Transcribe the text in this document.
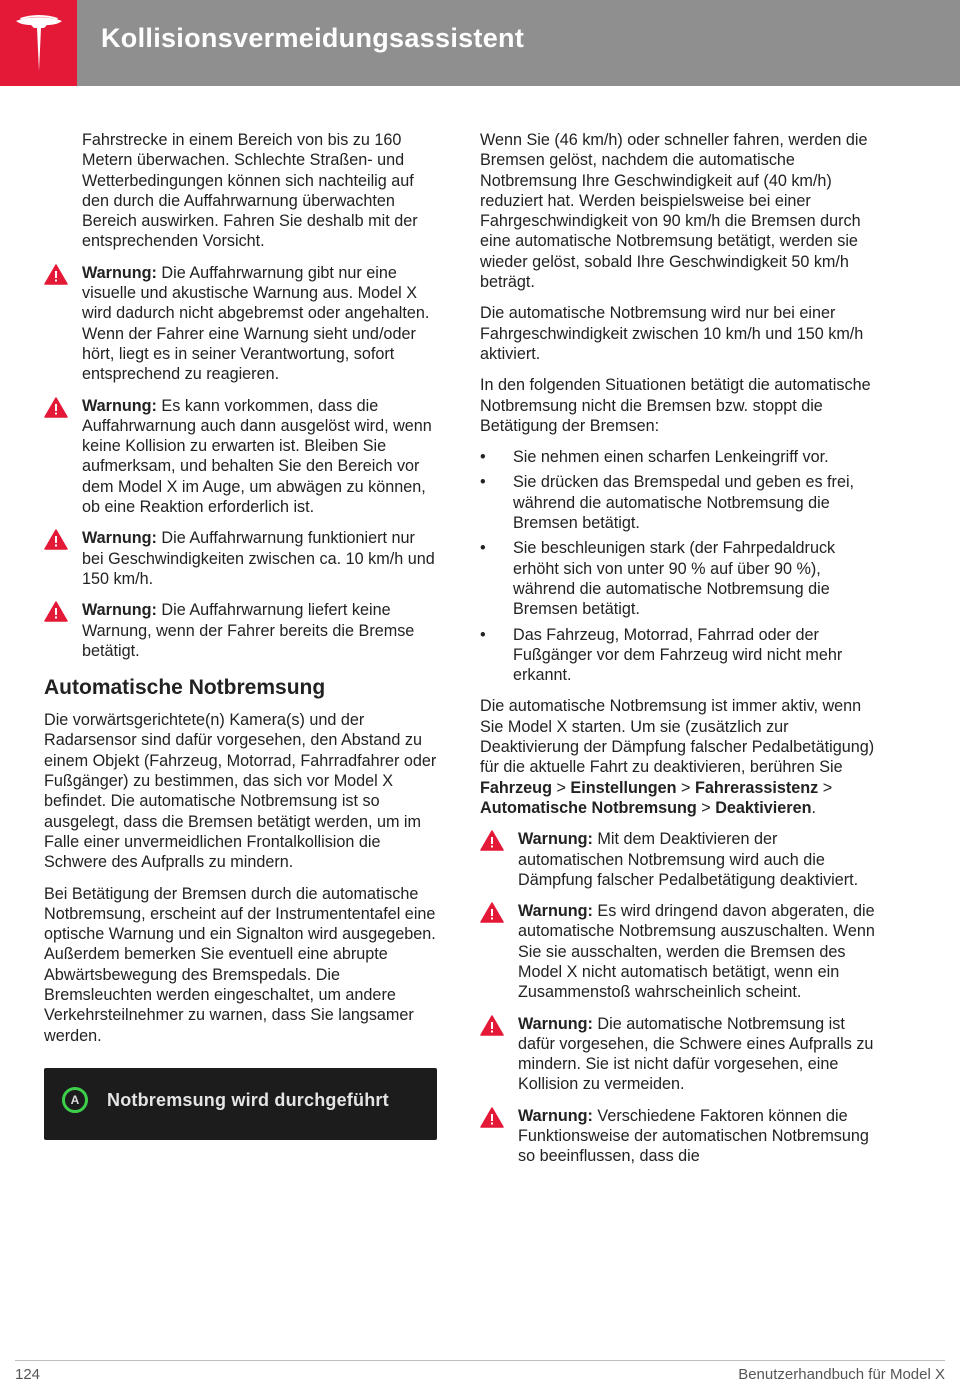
Kollisionsvermeidungsassistent
Fahrstrecke in einem Bereich von bis zu 160 Metern überwachen. Schlechte Straßen- und Wetterbedingungen können sich nachteilig auf den durch die Auffahrwarnung überwachten Bereich auswirken. Fahren Sie deshalb mit der entsprechenden Vorsicht.
Warnung: Die Auffahrwarnung gibt nur eine visuelle und akustische Warnung aus. Model X wird dadurch nicht abgebremst oder angehalten. Wenn der Fahrer eine Warnung sieht und/oder hört, liegt es in seiner Verantwortung, sofort entsprechend zu reagieren.
Warnung: Es kann vorkommen, dass die Auffahrwarnung auch dann ausgelöst wird, wenn keine Kollision zu erwarten ist. Bleiben Sie aufmerksam, und behalten Sie den Bereich vor dem Model X im Auge, um abwägen zu können, ob eine Reaktion erforderlich ist.
Warnung: Die Auffahrwarnung funktioniert nur bei Geschwindigkeiten zwischen ca. 10 km/h und 150 km/h.
Warnung: Die Auffahrwarnung liefert keine Warnung, wenn der Fahrer bereits die Bremse betätigt.
Automatische Notbremsung
Die vorwärtsgerichtete(n) Kamera(s) und der Radarsensor sind dafür vorgesehen, den Abstand zu einem Objekt (Fahrzeug, Motorrad, Fahrradfahrer oder Fußgänger) zu bestimmen, das sich vor Model X befindet. Die automatische Notbremsung ist so ausgelegt, dass die Bremsen betätigt werden, um im Falle einer unvermeidlichen Frontalkollision die Schwere des Aufpralls zu mindern.
Bei Betätigung der Bremsen durch die automatische Notbremsung, erscheint auf der Instrumententafel eine optische Warnung und ein Signalton wird ausgegeben. Außerdem bemerken Sie eventuell eine abrupte Abwärtsbewegung des Bremspedals. Die Bremsleuchten werden eingeschaltet, um andere Verkehrsteilnehmer zu warnen, dass Sie langsamer werden.
A	Notbremsung wird durchgeführt
Wenn Sie (46 km/h) oder schneller fahren, werden die Bremsen gelöst, nachdem die automatische Notbremsung Ihre Geschwindigkeit auf (40 km/h) reduziert hat. Werden beispielsweise bei einer Fahrgeschwindigkeit von 90 km/h die Bremsen durch eine automatische Notbremsung betätigt, werden sie wieder gelöst, sobald Ihre Geschwindigkeit 50 km/h beträgt.
Die automatische Notbremsung wird nur bei einer Fahrgeschwindigkeit zwischen 10 km/h und 150 km/h aktiviert.
In den folgenden Situationen betätigt die automatische Notbremsung nicht die Bremsen bzw. stoppt die Betätigung der Bremsen:
• Sie nehmen einen scharfen Lenkeingriff vor.
• Sie drücken das Bremspedal und geben es frei, während die automatische Notbremsung die Bremsen betätigt.
• Sie beschleunigen stark (der Fahrpedaldruck erhöht sich von unter 90 % auf über 90 %), während die automatische Notbremsung die Bremsen betätigt.
• Das Fahrzeug, Motorrad, Fahrrad oder der Fußgänger vor dem Fahrzeug wird nicht mehr erkannt.
Die automatische Notbremsung ist immer aktiv, wenn Sie Model X starten. Um sie (zusätzlich zur Deaktivierung der Dämpfung falscher Pedalbetätigung) für die aktuelle Fahrt zu deaktivieren, berühren Sie Fahrzeug > Einstellungen > Fahrerassistenz > Automatische Notbremsung > Deaktivieren.
Warnung: Mit dem Deaktivieren der automatischen Notbremsung wird auch die Dämpfung falscher Pedalbetätigung deaktiviert.
Warnung: Es wird dringend davon abgeraten, die automatische Notbremsung auszuschalten. Wenn Sie sie ausschalten, werden die Bremsen des Model X nicht automatisch betätigt, wenn ein Zusammenstoß wahrscheinlich scheint.
Warnung: Die automatische Notbremsung ist dafür vorgesehen, die Schwere eines Aufpralls zu mindern. Sie ist nicht dafür vorgesehen, eine Kollision zu vermeiden.
Warnung: Verschiedene Faktoren können die Funktionsweise der automatischen Notbremsung so beeinflussen, dass die
124	Benutzerhandbuch für Model X
